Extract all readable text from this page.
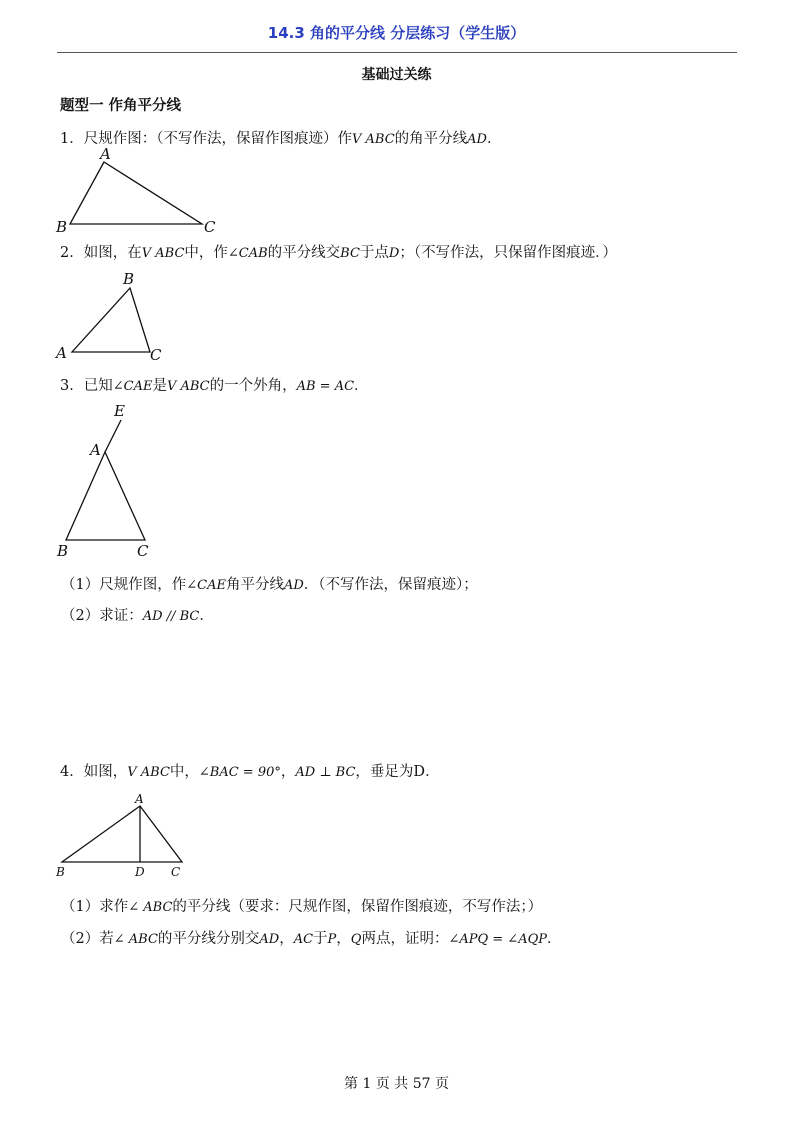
14.3 角的平分线 分层练习（学生版）
基础过关练
题型一 作角平分线
1．尺规作图：（不写作法，保留作图痕迹）作V ABC的角平分线AD．
A
B	C
2．如图，在V ABC中，作∠CAB的平分线交BC于点D；（不写作法，只保留作图痕迹．）
B
A	C
3．已知∠CAE是V ABC的一个外角，AB = AC．
E
A
B	C
（1）尺规作图，作∠CAE角平分线AD．（不写作法，保留痕迹）；
（2）求证：AD // BC．
4．如图，V ABC中，∠BAC = 90°，AD ⊥ BC，垂足为D．
A
B	D C
（1）求作∠ ABC的平分线（要求：尺规作图，保留作图痕迹，不写作法；）
（2）若∠ ABC的平分线分别交AD，AC于P，Q两点，证明：∠APQ = ∠AQP．
第 1 页 共 57 页
